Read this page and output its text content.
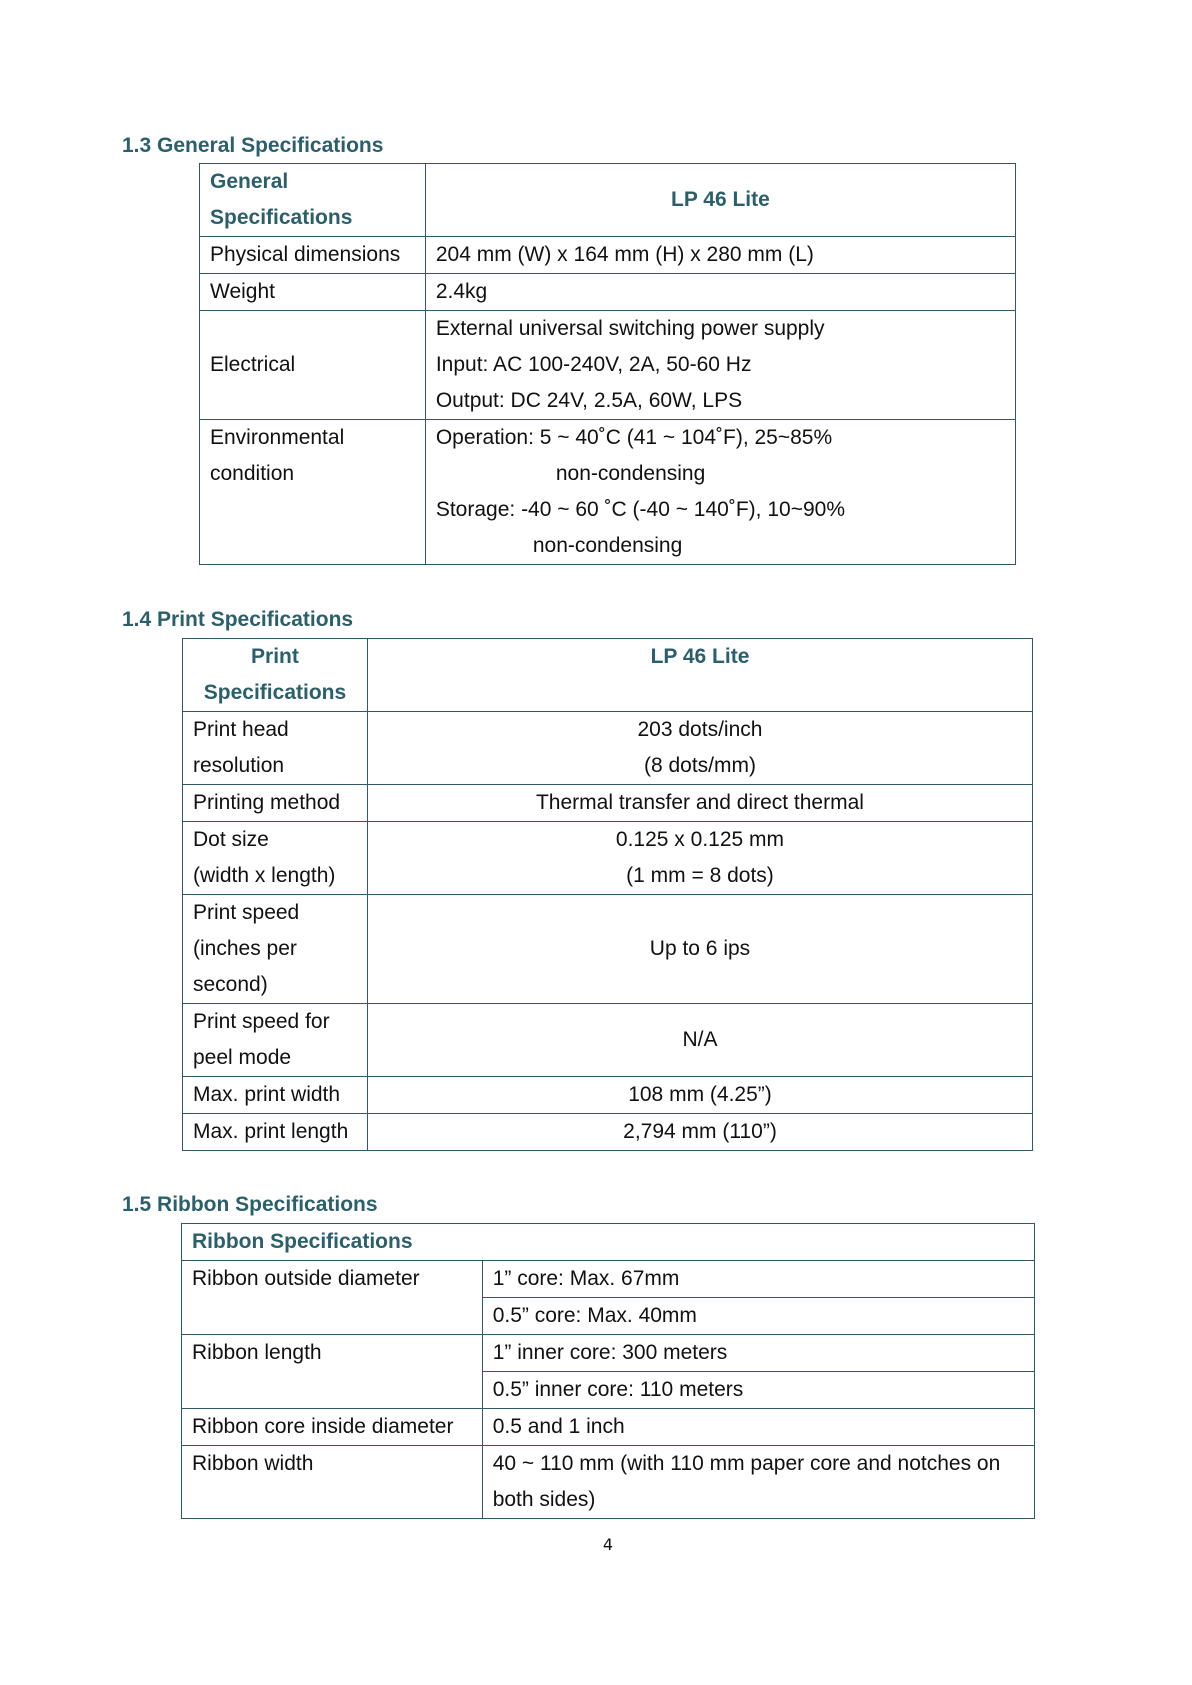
1.3 General Specifications
General
Specifications	LP 46 Lite
Physical dimensions	204 mm (W) x 164 mm (H) x 280 mm (L)
Weight	2.4kg
Electrical	External universal switching power supply
Input: AC 100-240V, 2A, 50-60 Hz
Output: DC 24V, 2.5A, 60W, LPS

Environmental
condition	Operation: 5 ~ 40˚C (41 ~ 104˚F), 25~85%
non-condensing
Storage: -40 ~ 60 ˚C (-40 ~ 140˚F), 10~90%
non-condensing
1.4 Print Specifications
Print
Specifications	LP 46 Lite

Print head
resolution	203 dots/inch
(8 dots/mm)

Printing method	Thermal transfer and direct thermal

Dot size
(width x length)	0.125 x 0.125 mm
(1 mm = 8 dots)

Print speed
(inches per
second)	Up to 6 ips

Print speed for
peel mode	N/A
Max. print width	108 mm (4.25”)
Max. print length	2,794 mm (110”)
1.5 Ribbon Specifications
Ribbon Specifications	
Ribbon outside diameter	1” core: Max. 67mm
	0.5” core: Max. 40mm
Ribbon length	1” inner core: 300 meters
	0.5” inner core: 110 meters
Ribbon core inside diameter	0.5 and 1 inch
Ribbon width	40 ~ 110 mm (with 110 mm paper core and notches on
both sides)
4
